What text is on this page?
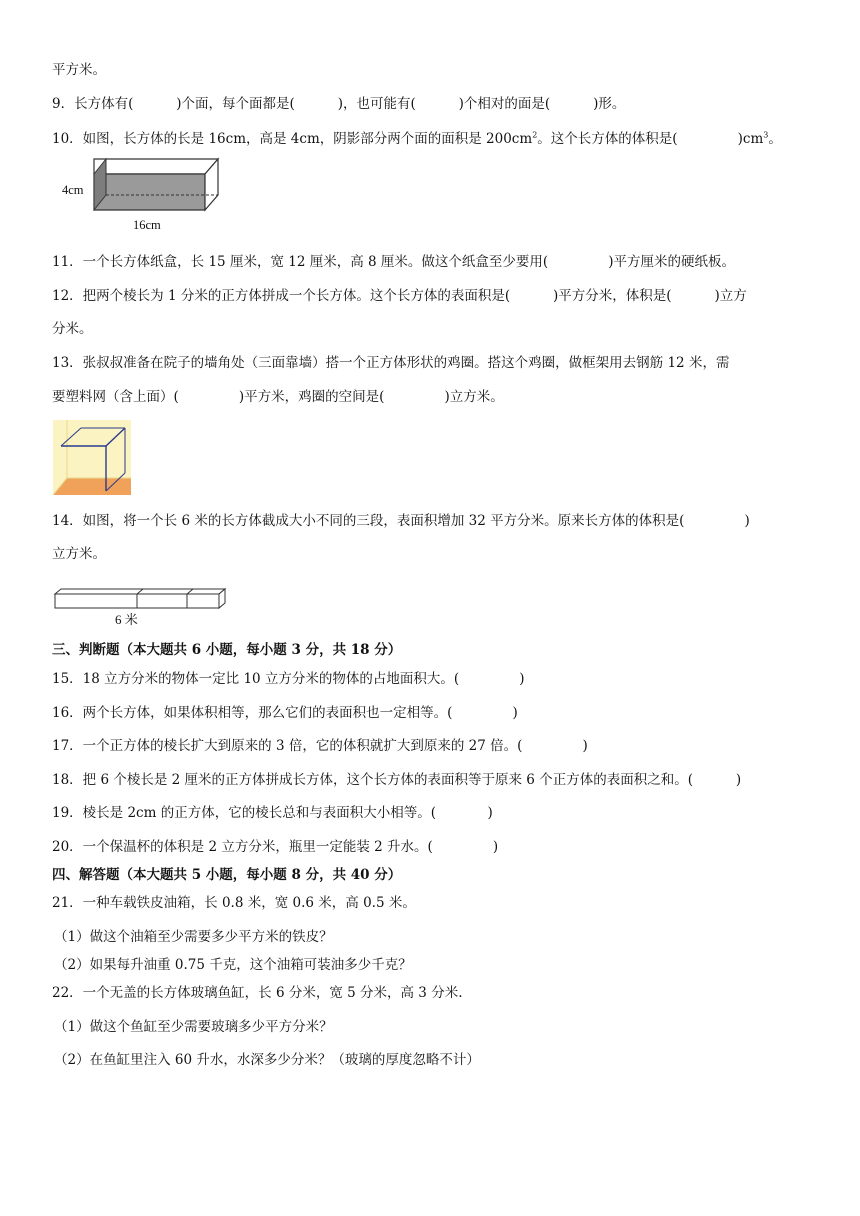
平方米。
9．长方体有(          )个面，每个面都是(          )，也可能有(          )个相对的面是(          )形。
10．如图，长方体的长是 16cm，高是 4cm，阴影部分两个面的面积是 $200cm^2$。这个长方体的体积是(              )$cm^3$。
4cm
16cm
11．一个长方体纸盒，长 15 厘米，宽 12 厘米，高 8 厘米。做这个纸盒至少要用(              )平方厘米的硬纸板。
12．把两个棱长为 1 分米的正方体拼成一个长方体。这个长方体的表面积是(          )平方分米，体积是(          )立方
分米。
13．张叔叔准备在院子的墙角处（三面靠墙）搭一个正方体形状的鸡圈。搭这个鸡圈，做框架用去钢筋 12 米，需
要塑料网（含上面）(              )平方米，鸡圈的空间是(              )立方米。
14．如图，将一个长 6 米的长方体截成大小不同的三段，表面积增加 32 平方分米。原来长方体的体积是(              )
立方米。
6 米
三、判断题（本大题共 6 小题，每小题 3 分，共 18 分）
15．18 立方分米的物体一定比 10 立方分米的物体的占地面积大。(              )
16．两个长方体，如果体积相等，那么它们的表面积也一定相等。(              )
17．一个正方体的棱长扩大到原来的 3 倍，它的体积就扩大到原来的 27 倍。(              )
18．把 6 个棱长是 2 厘米的正方体拼成长方体，这个长方体的表面积等于原来 6 个正方体的表面积之和。(          )
19．棱长是 2cm 的正方体，它的棱长总和与表面积大小相等。(            )
20．一个保温杯的体积是 2 立方分米，瓶里一定能装 2 升水。(              )
四、解答题（本大题共 5 小题，每小题 8 分，共 40 分）
21．一种车载铁皮油箱，长 0.8 米，宽 0.6 米，高 0.5 米。
（1）做这个油箱至少需要多少平方米的铁皮？
（2）如果每升油重 0.75 千克，这个油箱可装油多少千克？
22．一个无盖的长方体玻璃鱼缸，长 6 分米，宽 5 分米，高 3 分米.
（1）做这个鱼缸至少需要玻璃多少平方分米？
（2）在鱼缸里注入 60 升水，水深多少分米？（玻璃的厚度忽略不计）
